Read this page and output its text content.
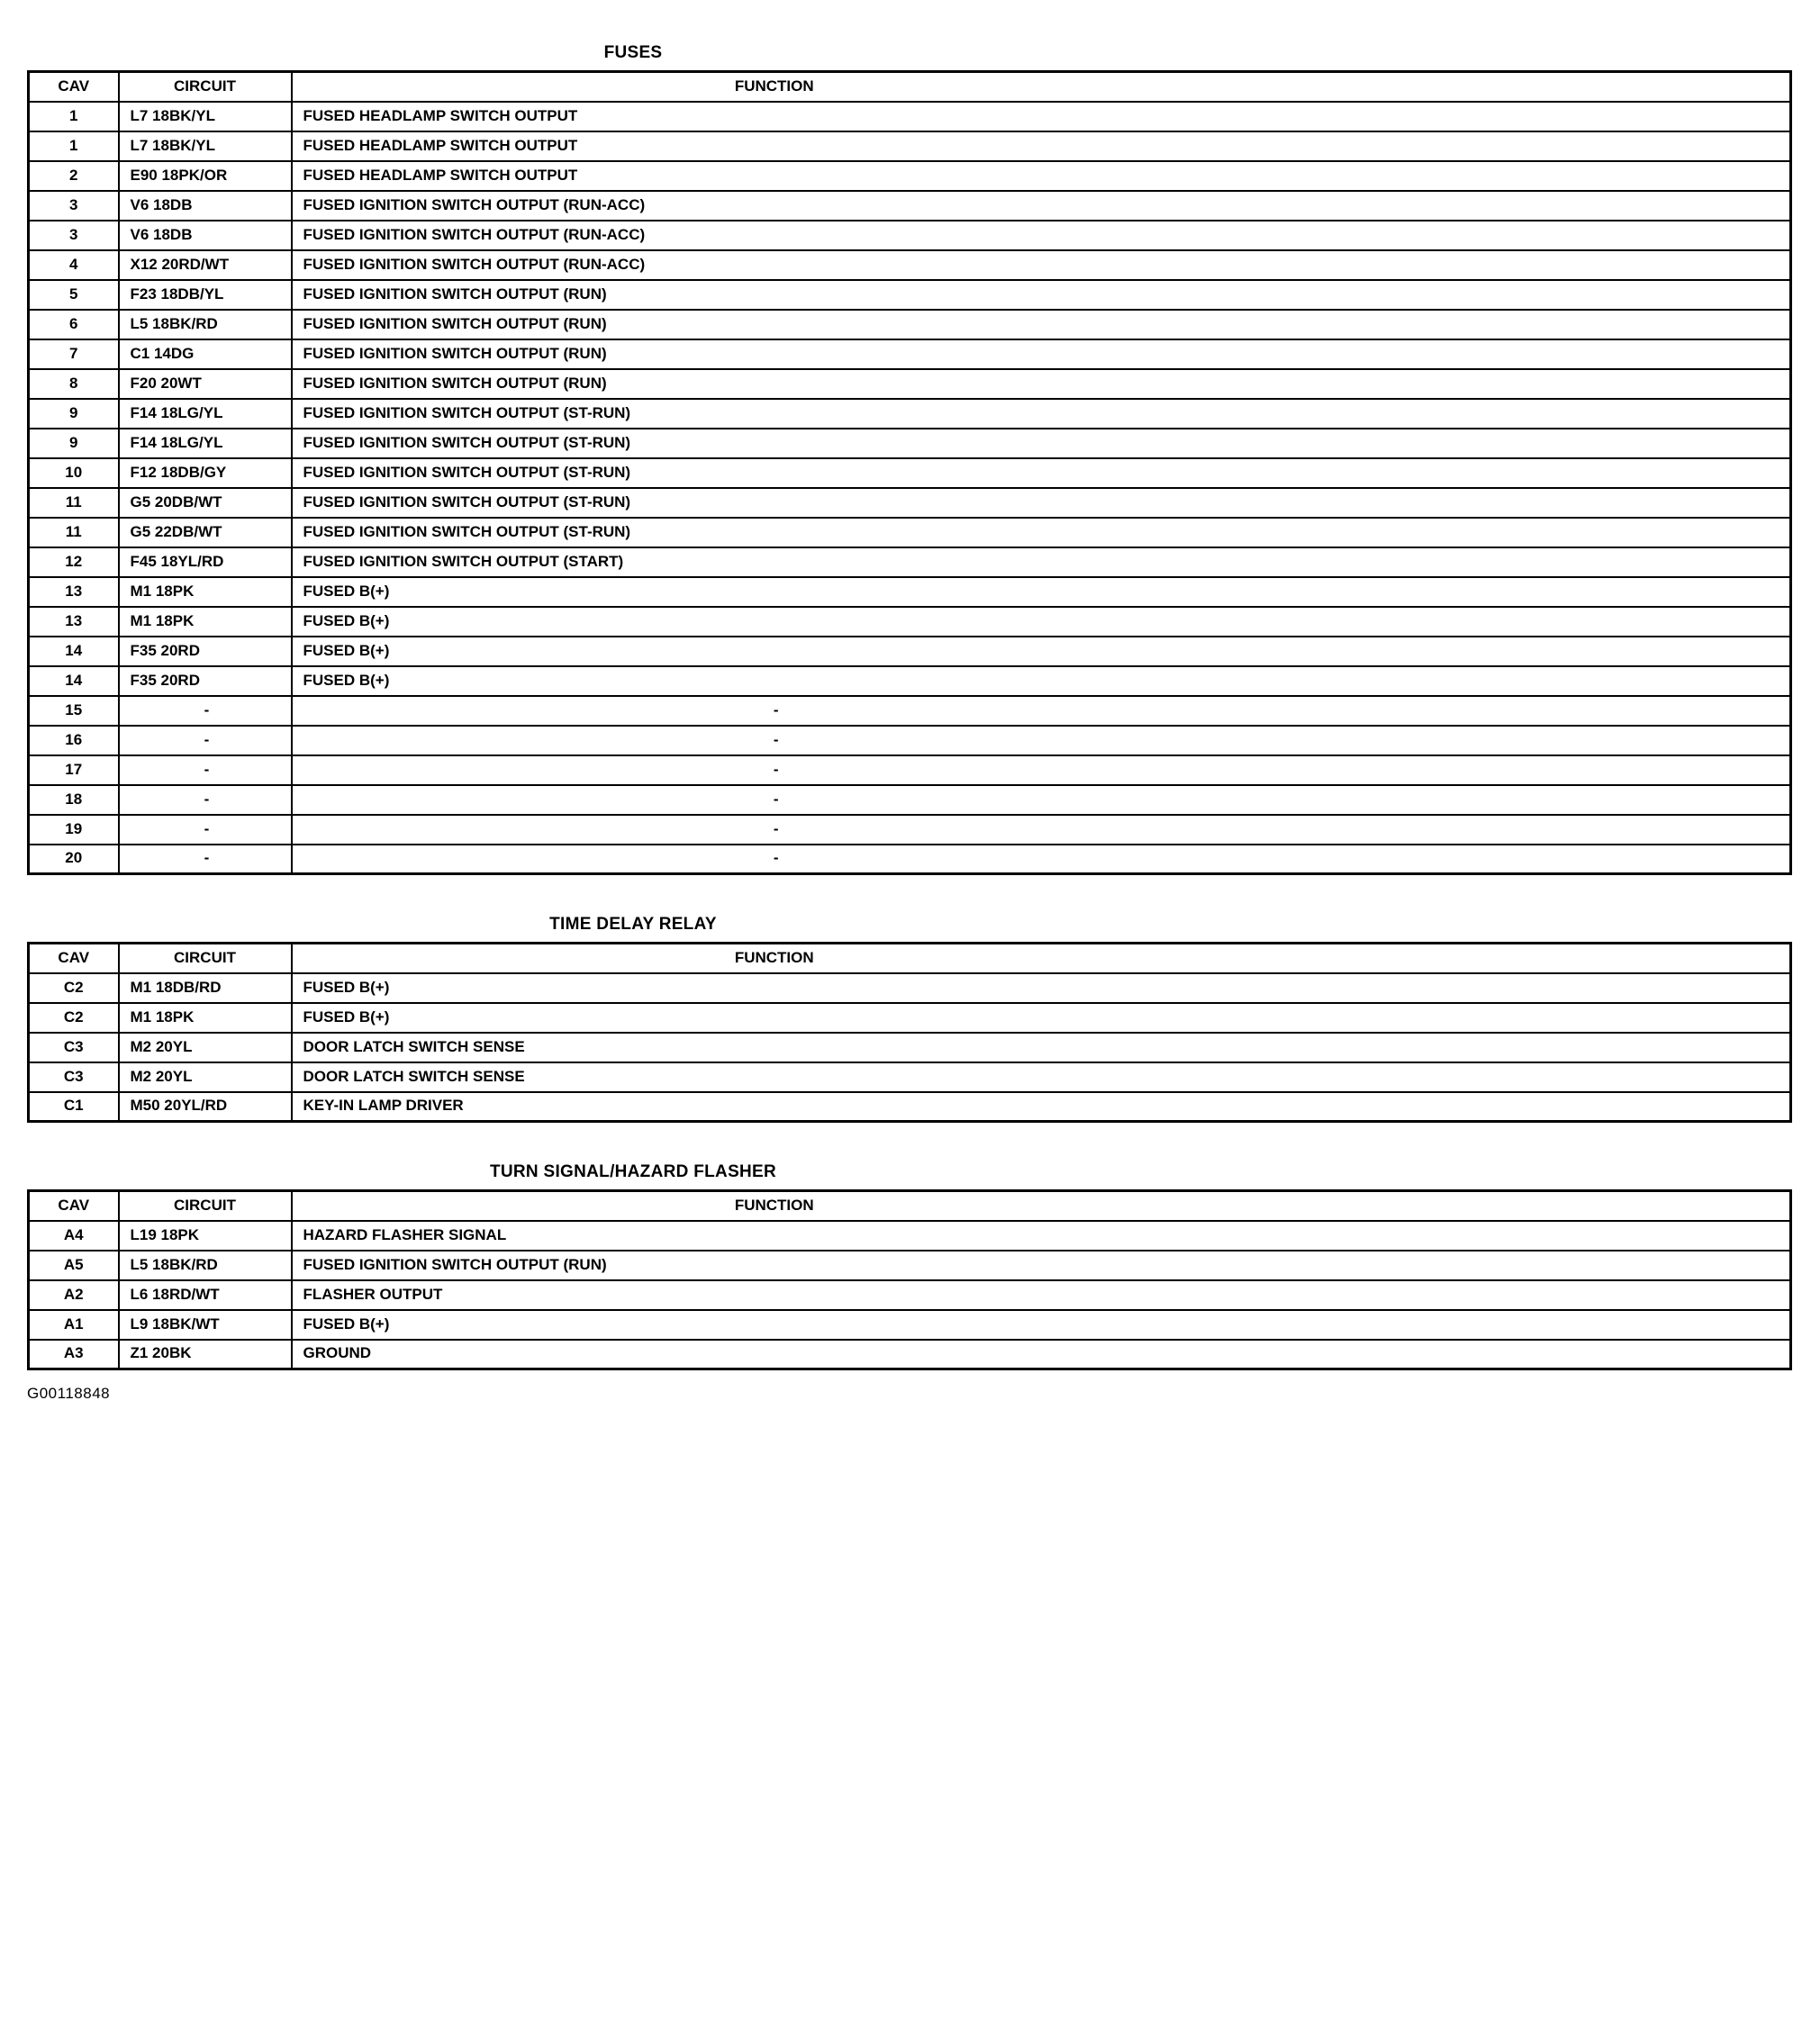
FUSES
CAV	CIRCUIT	FUNCTION
1	L7 18BK/YL	FUSED HEADLAMP SWITCH OUTPUT
1	L7 18BK/YL	FUSED HEADLAMP SWITCH OUTPUT
2	E90 18PK/OR	FUSED HEADLAMP SWITCH OUTPUT
3	V6 18DB	FUSED IGNITION SWITCH OUTPUT (RUN-ACC)
3	V6 18DB	FUSED IGNITION SWITCH OUTPUT (RUN-ACC)
4	X12 20RD/WT	FUSED IGNITION SWITCH OUTPUT (RUN-ACC)
5	F23 18DB/YL	FUSED IGNITION SWITCH OUTPUT (RUN)
6	L5 18BK/RD	FUSED IGNITION SWITCH OUTPUT (RUN)
7	C1 14DG	FUSED IGNITION SWITCH OUTPUT (RUN)
8	F20 20WT	FUSED IGNITION SWITCH OUTPUT (RUN)
9	F14 18LG/YL	FUSED IGNITION SWITCH OUTPUT (ST-RUN)
9	F14 18LG/YL	FUSED IGNITION SWITCH OUTPUT (ST-RUN)
10	F12 18DB/GY	FUSED IGNITION SWITCH OUTPUT (ST-RUN)
11	G5 20DB/WT	FUSED IGNITION SWITCH OUTPUT (ST-RUN)
11	G5 22DB/WT	FUSED IGNITION SWITCH OUTPUT (ST-RUN)
12	F45 18YL/RD	FUSED IGNITION SWITCH OUTPUT (START)
13	M1 18PK	FUSED B(+)
13	M1 18PK	FUSED B(+)
14	F35 20RD	FUSED B(+)
14	F35 20RD	FUSED B(+)
15	-	-
16	-	-
17	-	-
18	-	-
19	-	-
20	-	-
TIME DELAY RELAY
CAV	CIRCUIT	FUNCTION
C2	M1 18DB/RD	FUSED B(+)
C2	M1 18PK	FUSED B(+)
C3	M2 20YL	DOOR LATCH SWITCH SENSE
C3	M2 20YL	DOOR LATCH SWITCH SENSE
C1	M50 20YL/RD	KEY-IN LAMP DRIVER
TURN SIGNAL/HAZARD FLASHER
CAV	CIRCUIT	FUNCTION
A4	L19 18PK	HAZARD FLASHER SIGNAL
A5	L5 18BK/RD	FUSED IGNITION SWITCH OUTPUT (RUN)
A2	L6 18RD/WT	FLASHER OUTPUT
A1	L9 18BK/WT	FUSED B(+)
A3	Z1 20BK	GROUND
G00118848
